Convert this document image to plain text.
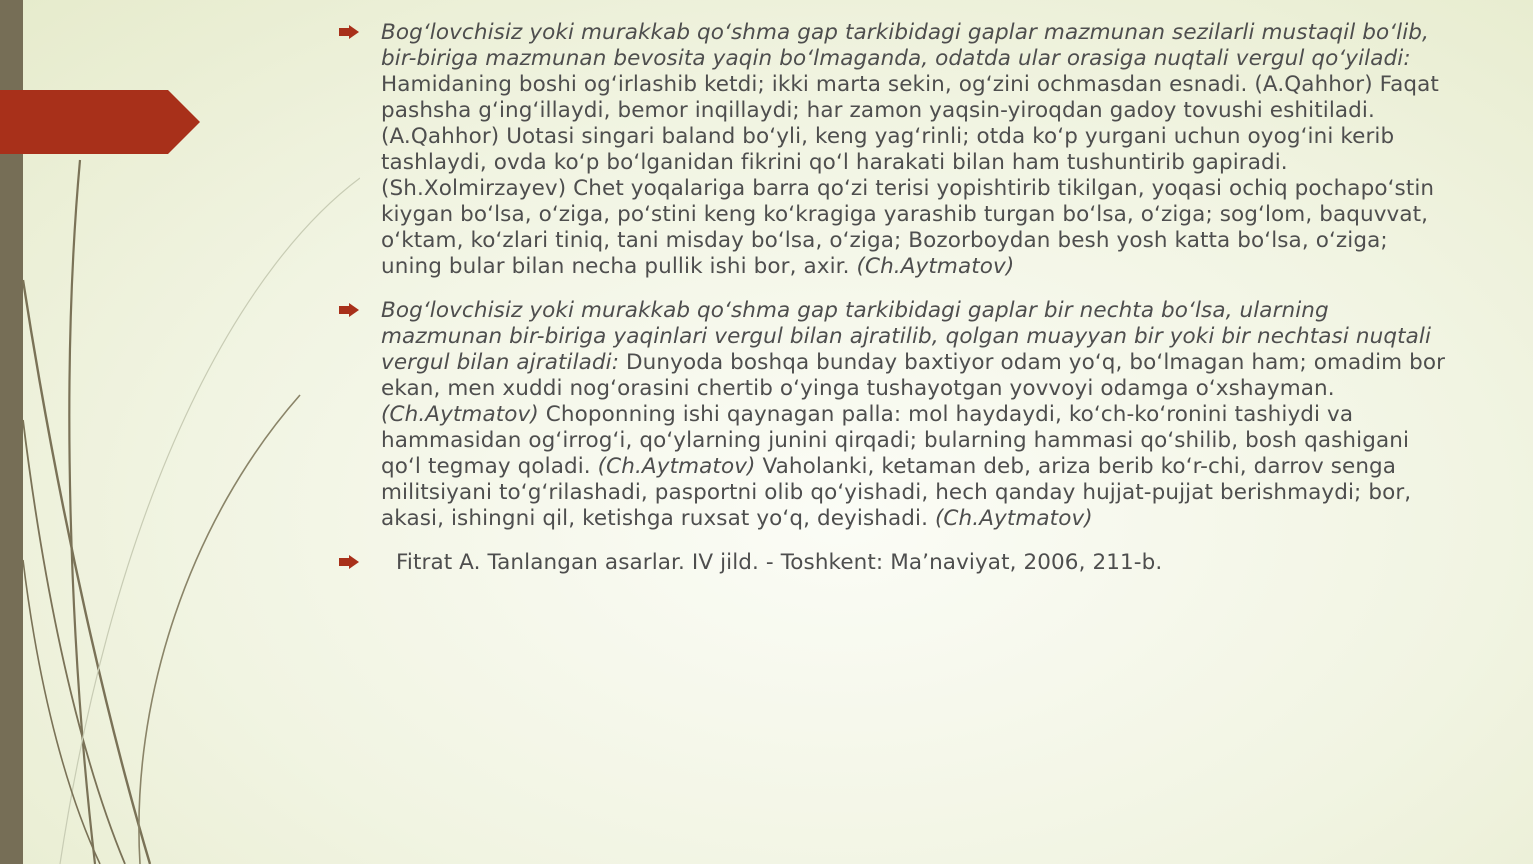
Bog‘lovchisiz yoki murakkab qo‘shma gap tarkibidagi gaplar mazmunan sezilarli mustaqil bo‘lib, bir-biriga mazmunan bevosita yaqin bo‘lmaganda, odatda ular orasiga nuqtali vergul qo‘yiladi: Hamidaning boshi og‘irlashib ketdi; ikki marta sekin, og‘zini ochmasdan esnadi. (A.Qahhor) Faqat pashsha g‘ing‘illaydi, bemor inqillaydi; har zamon yaqsin-yiroqdan gadoy tovushi eshitiladi. (A.Qahhor) Uotasi singari baland bo‘yli, keng yag‘rinli; otda ko‘p yurgani uchun oyog‘ini kerib tashlaydi, ovda ko‘p bo‘lganidan fikrini qo‘l harakati bilan ham tushuntirib gapiradi. (Sh.Xolmirzayev) Chet yoqalariga barra qo‘zi terisi yopishtirib tikilgan, yoqasi ochiq pochapo‘stin kiygan bo‘lsa, o‘ziga, po‘stini keng ko‘kragiga yarashib turgan bo‘lsa, o‘ziga; sog‘lom, baquvvat, o‘ktam, ko‘zlari tiniq, tani misday bo‘lsa, o‘ziga; Bozorboydan besh yosh katta bo‘lsa, o‘ziga; uning bular bilan necha pullik ishi bor, axir. (Ch.Aytmatov)
Bog‘lovchisiz yoki murakkab qo‘shma gap tarkibidagi gaplar bir nechta bo‘lsa, ularning mazmunan bir-biriga yaqinlari vergul bilan ajratilib, qolgan muayyan bir yoki bir nechtasi nuqtali vergul bilan ajratiladi: Dunyoda boshqa bunday baxtiyor odam yo‘q, bo‘lmagan ham; omadim bor ekan, men xuddi nog‘orasini chertib o‘yinga tushayotgan yovvoyi odamga o‘xshayman. (Ch.Aytmatov) Choponning ishi qaynagan palla: mol haydaydi, ko‘ch-ko‘ronini tashiydi va hammasidan og‘irrog‘i, qo‘ylarning junini qirqadi; bularning hammasi qo‘shilib, bosh qashigani qo‘l tegmay qoladi. (Ch.Aytmatov) Vaholanki, ketaman deb, ariza berib ko‘r-chi, darrov senga militsiyani to‘g‘rilashadi, pasportni olib qo‘yishadi, hech qanday hujjat-pujjat berishmaydi; bor, akasi, ishingni qil, ketishga ruxsat yo‘q, deyishadi. (Ch.Aytmatov)
Fitrat A. Tanlangan asarlar. IV jild. - Toshkent: Ma’naviyat, 2006, 211-b.
